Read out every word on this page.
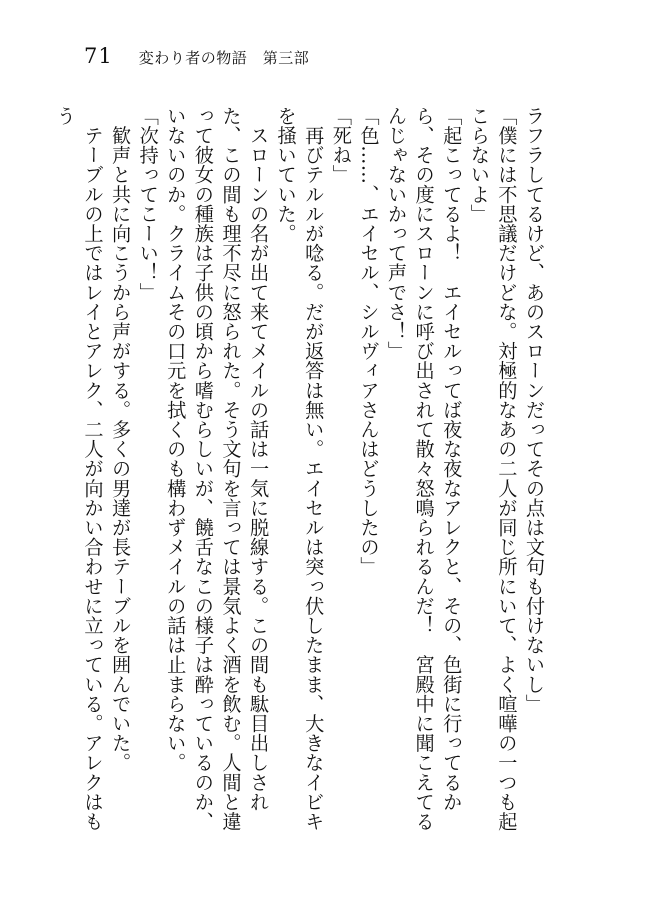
71 変わり者の物語　第三部

ラフラしてるけど、あのスローンだってその点は文句も付けないし」

「僕には不思議だけどな。対極的なあの二人が同じ所にいて、よく喧嘩の一つも起こらないよ」

「起こってるよ！　エイセルってば夜な夜なアレクと、その、色街に行ってるから、その度にスローンに呼び出されて散々怒鳴られるんだ！　宮殿中に聞こえてるんじゃないかって声でさ！」

「色……、エイセル、シルヴィアさんはどうしたの」

「死ね」

　再びテルルが唸る。だが返答は無い。エイセルは突っ伏したまま、大きなイビキを掻いていた。

　スローンの名が出て来てメイルの話は一気に脱線する。この間も駄目出しされた、この間も理不尽に怒られた。そう文句を言っては景気よく酒を飲む。人間と違って彼女の種族は子供の頃から嗜むらしいが、饒舌なこの様子は酔っているのか、いないのか。クライムその口元を拭くのも構わずメイルの話は止まらない。

「次持ってこーい！」

　歓声と共に向こうから声がする。多くの男達が長テーブルを囲んでいた。

　テーブルの上ではレイとアレク、二人が向かい合わせに立っている。アレクはもう
